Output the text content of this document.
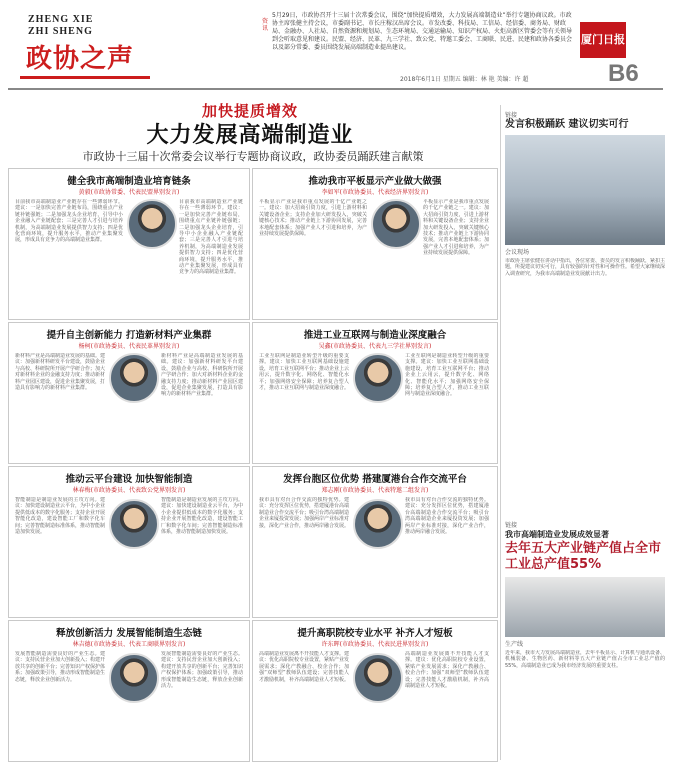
ZHENG XIE
ZHI SHENG
政协之声
资讯
5月29日，市政协召开十三届十次常委会议，围绕“加快提质增效，大力发展高端制造业”举行专题协商议政。市政协主席张健主持会议，市委副书记、市长庄稼汉出席会议。市发改委、科技局、工信局、经信委、商务局、财政局、金融办、人社局、自然资源和规划局、生态环境局、交通运输局、知识产权局、火炬高新区管委会等有关领导到会听取意见和建议。民盟、经济、民革、九三学社、致公党、特邀工委会、工商联、民进、民建和政协各委员会以及部分常委、委员围绕发展高端制造业提出建议。
厦门日报
B6
2018年6月1日 星期五 编辑：林 艳 美编：许 超
加快提质增效
大力发展高端制造业
市政协十三届十次常委会议举行专题协商议政，政协委员踊跃建言献策
健全我市高端制造业培育链条
黄毅(市政协常委、代表民盟界别发言)
目前我市高端制造业产业链存在一些薄弱环节。建议：一是加快完善产业链布局，围绕重点产业链补链强链；二是加强龙头企业培育，引导中小企业融入产业链配套；三是完善人才引进与培养机制，为高端制造业发展提供智力支持；四是优化营商环境，提升服务水平，推动产业集聚发展，形成具有竞争力的高端制造业集群。
目前我市高端制造业产业链存在一些薄弱环节。建议：一是加快完善产业链布局，围绕重点产业链补链强链；二是加强龙头企业培育，引导中小企业融入产业链配套；三是完善人才引进与培养机制，为高端制造业发展提供智力支持；四是优化营商环境，提升服务水平，推动产业集聚发展，形成具有竞争力的高端制造业集群。
推动我市平板显示产业做大做强
李如军(市政协委员、代表经济界别发言)
平板显示产业是我市重点发展的千亿产业链之一。建议：加大招商引资力度，引进上游材料和关键设备企业；支持企业加大研发投入，突破关键核心技术；推动产业链上下游协同发展，完善本地配套体系；加强产业人才引进和培养，为产业持续发展提供保障。
平板显示产业是我市重点发展的千亿产业链之一。建议：加大招商引资力度，引进上游材料和关键设备企业；支持企业加大研发投入，突破关键核心技术；推动产业链上下游协同发展，完善本地配套体系；加强产业人才引进和培养，为产业持续发展提供保障。
提升自主创新能力 打造新材料产业集群
杨柯(市政协委员、代表民革界别发言)
新材料产业是高端制造业发展的基础。建议：加强新材料研发平台建设，鼓励企业与高校、科研院所开展产学研合作；加大对新材料企业的金融支持力度；推动新材料产业园区建设，促进企业集聚发展，打造具有影响力的新材料产业集群。
新材料产业是高端制造业发展的基础。建议：加强新材料研发平台建设，鼓励企业与高校、科研院所开展产学研合作；加大对新材料企业的金融支持力度；推动新材料产业园区建设，促进企业集聚发展，打造具有影响力的新材料产业集群。
推进工业互联网与制造业深度融合
吴鑫(市政协委员、代表九三学社界别发言)
工业互联网是制造业转型升级的重要支撑。建议：加快工业互联网基础设施建设，培育工业互联网平台；推动企业上云用云，提升数字化、网络化、智能化水平；加强网络安全保障；培养复合型人才，推动工业互联网与制造业深度融合。
工业互联网是制造业转型升级的重要支撑。建议：加快工业互联网基础设施建设，培育工业互联网平台；推动企业上云用云，提升数字化、网络化、智能化水平；加强网络安全保障；培养复合型人才，推动工业互联网与制造业深度融合。
推动云平台建设 加快智能制造
林春梅(市政协委员、代表致公党界别发言)
智能制造是制造业发展的主攻方向。建议：加快建设制造业云平台，为中小企业提供低成本的数字化服务；支持企业开展智能化改造，建设智能工厂和数字化车间；完善智能制造标准体系，推动智能制造加快发展。
智能制造是制造业发展的主攻方向。建议：加快建设制造业云平台，为中小企业提供低成本的数字化服务；支持企业开展智能化改造，建设智能工厂和数字化车间；完善智能制造标准体系，推动智能制造加快发展。
发挥台胞区位优势 搭建厦港台合作交流平台
郑志刚(市政协委员、代表特邀二组发言)
我市具有对台合作交流的独特优势。建议：充分发挥区位优势，搭建厦港台高端制造业合作交流平台；吸引台湾高端制造企业来厦投资发展；加强两岸产业标准对接，深化产业合作，推动两岸融合发展。
我市具有对台合作交流的独特优势。建议：充分发挥区位优势，搭建厦港台高端制造业合作交流平台；吸引台湾高端制造企业来厦投资发展；加强两岸产业标准对接，深化产业合作，推动两岸融合发展。
释放创新活力 发展智能制造生态链
林吉德(市政协委员、代表工商联界别发言)
发展智能制造需要良好的产业生态。建议：支持民营企业加大创新投入；构建开放共享的创新平台；完善知识产权保护体系；加强政策引导，推动形成智能制造生态链，释放企业创新活力。
发展智能制造需要良好的产业生态。建议：支持民营企业加大创新投入；构建开放共享的创新平台；完善知识产权保护体系；加强政策引导，推动形成智能制造生态链，释放企业创新活力。
提升高职院校专业水平 补齐人才短板
许东晖(市政协委员、代表民进界别发言)
高端制造业发展离不开技能人才支撑。建议：优化高职院校专业设置，紧贴产业发展需求；深化产教融合、校企合作；加强“双师型”教师队伍建设；完善技能人才激励机制，补齐高端制造业人才短板。
高端制造业发展离不开技能人才支撑。建议：优化高职院校专业设置，紧贴产业发展需求；深化产教融合、校企合作；加强“双师型”教师队伍建设；完善技能人才激励机制，补齐高端制造业人才短板。
链接
发言积极踊跃 建议切实可行
会议现场
市政协主席张健在讲话中指出，各位常委、委员的发言积极踊跃，紧扣主题，所提建议切实可行，具有较强的针对性和可操作性。希望大家继续深入调查研究，为我市高端制造业发展献计出力。
链接
我市高端制造业发展成效显著
去年五大产业链产值占全市工业总产值55%
生产线
近年来，我市大力发展高端制造业，去年平板显示、计算机与通讯设备、机械装备、生物医药、新材料等五大产业链产值占全市工业总产值的55%，高端制造业已成为我市经济发展的重要支柱。
